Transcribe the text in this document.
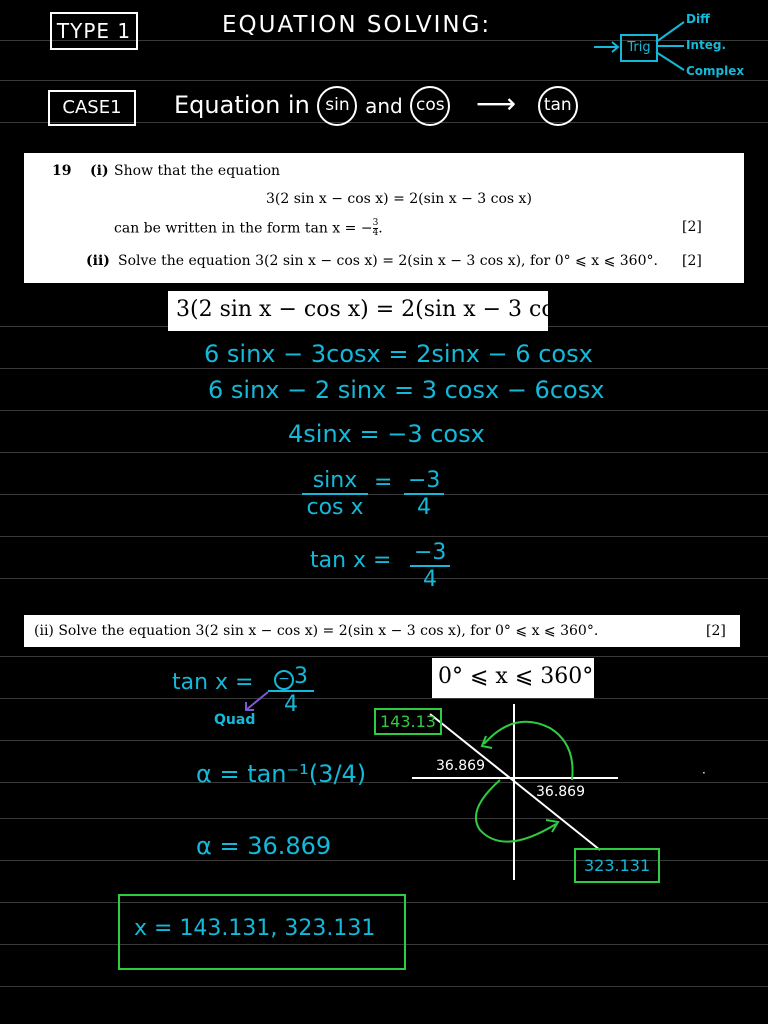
TYPE 1	EQUATION SOLVING:
Trig
Diff
Integ.
Complex
CASE1	Equation in sin and cos ⟶ tan
19 (i) Show that the equation
3(2 sin x − cos x) = 2(sin x − 3 cos x)
can be written in the form tan x = − $\frac{3}{4}$ .	[2]
(ii) Solve the equation 3(2 sin x − cos x) = 2(sin x − 3 cos x), for 0° ⩽ x ⩽ 360°. [2]
3(2 sin x − cos x) = 2(sin x − 3 cos x)
6 sinx − 3cosx = 2sinx − 6 cosx
6 sinx − 2 sinx = 3 cosx − 6cosx
4sinx = −3 cosx
$\frac{\sin x}{\text{cos x}} = \frac{-3}{4}$
$\tan x = \frac{-3}{4}$
(ii) Solve the equation 3(2 sin x − cos x) = 2(sin x − 3 cos x), for 0° ⩽ x ⩽ 360°.	[2]
$\tan x = \frac{- 3}{4}$
Quad
α = tan⁻¹(3/4)
α = 36.869
0° ⩽ x ⩽ 360°
143.13
36.869
36.869
323.131
·
x = 143.131, 323.131
